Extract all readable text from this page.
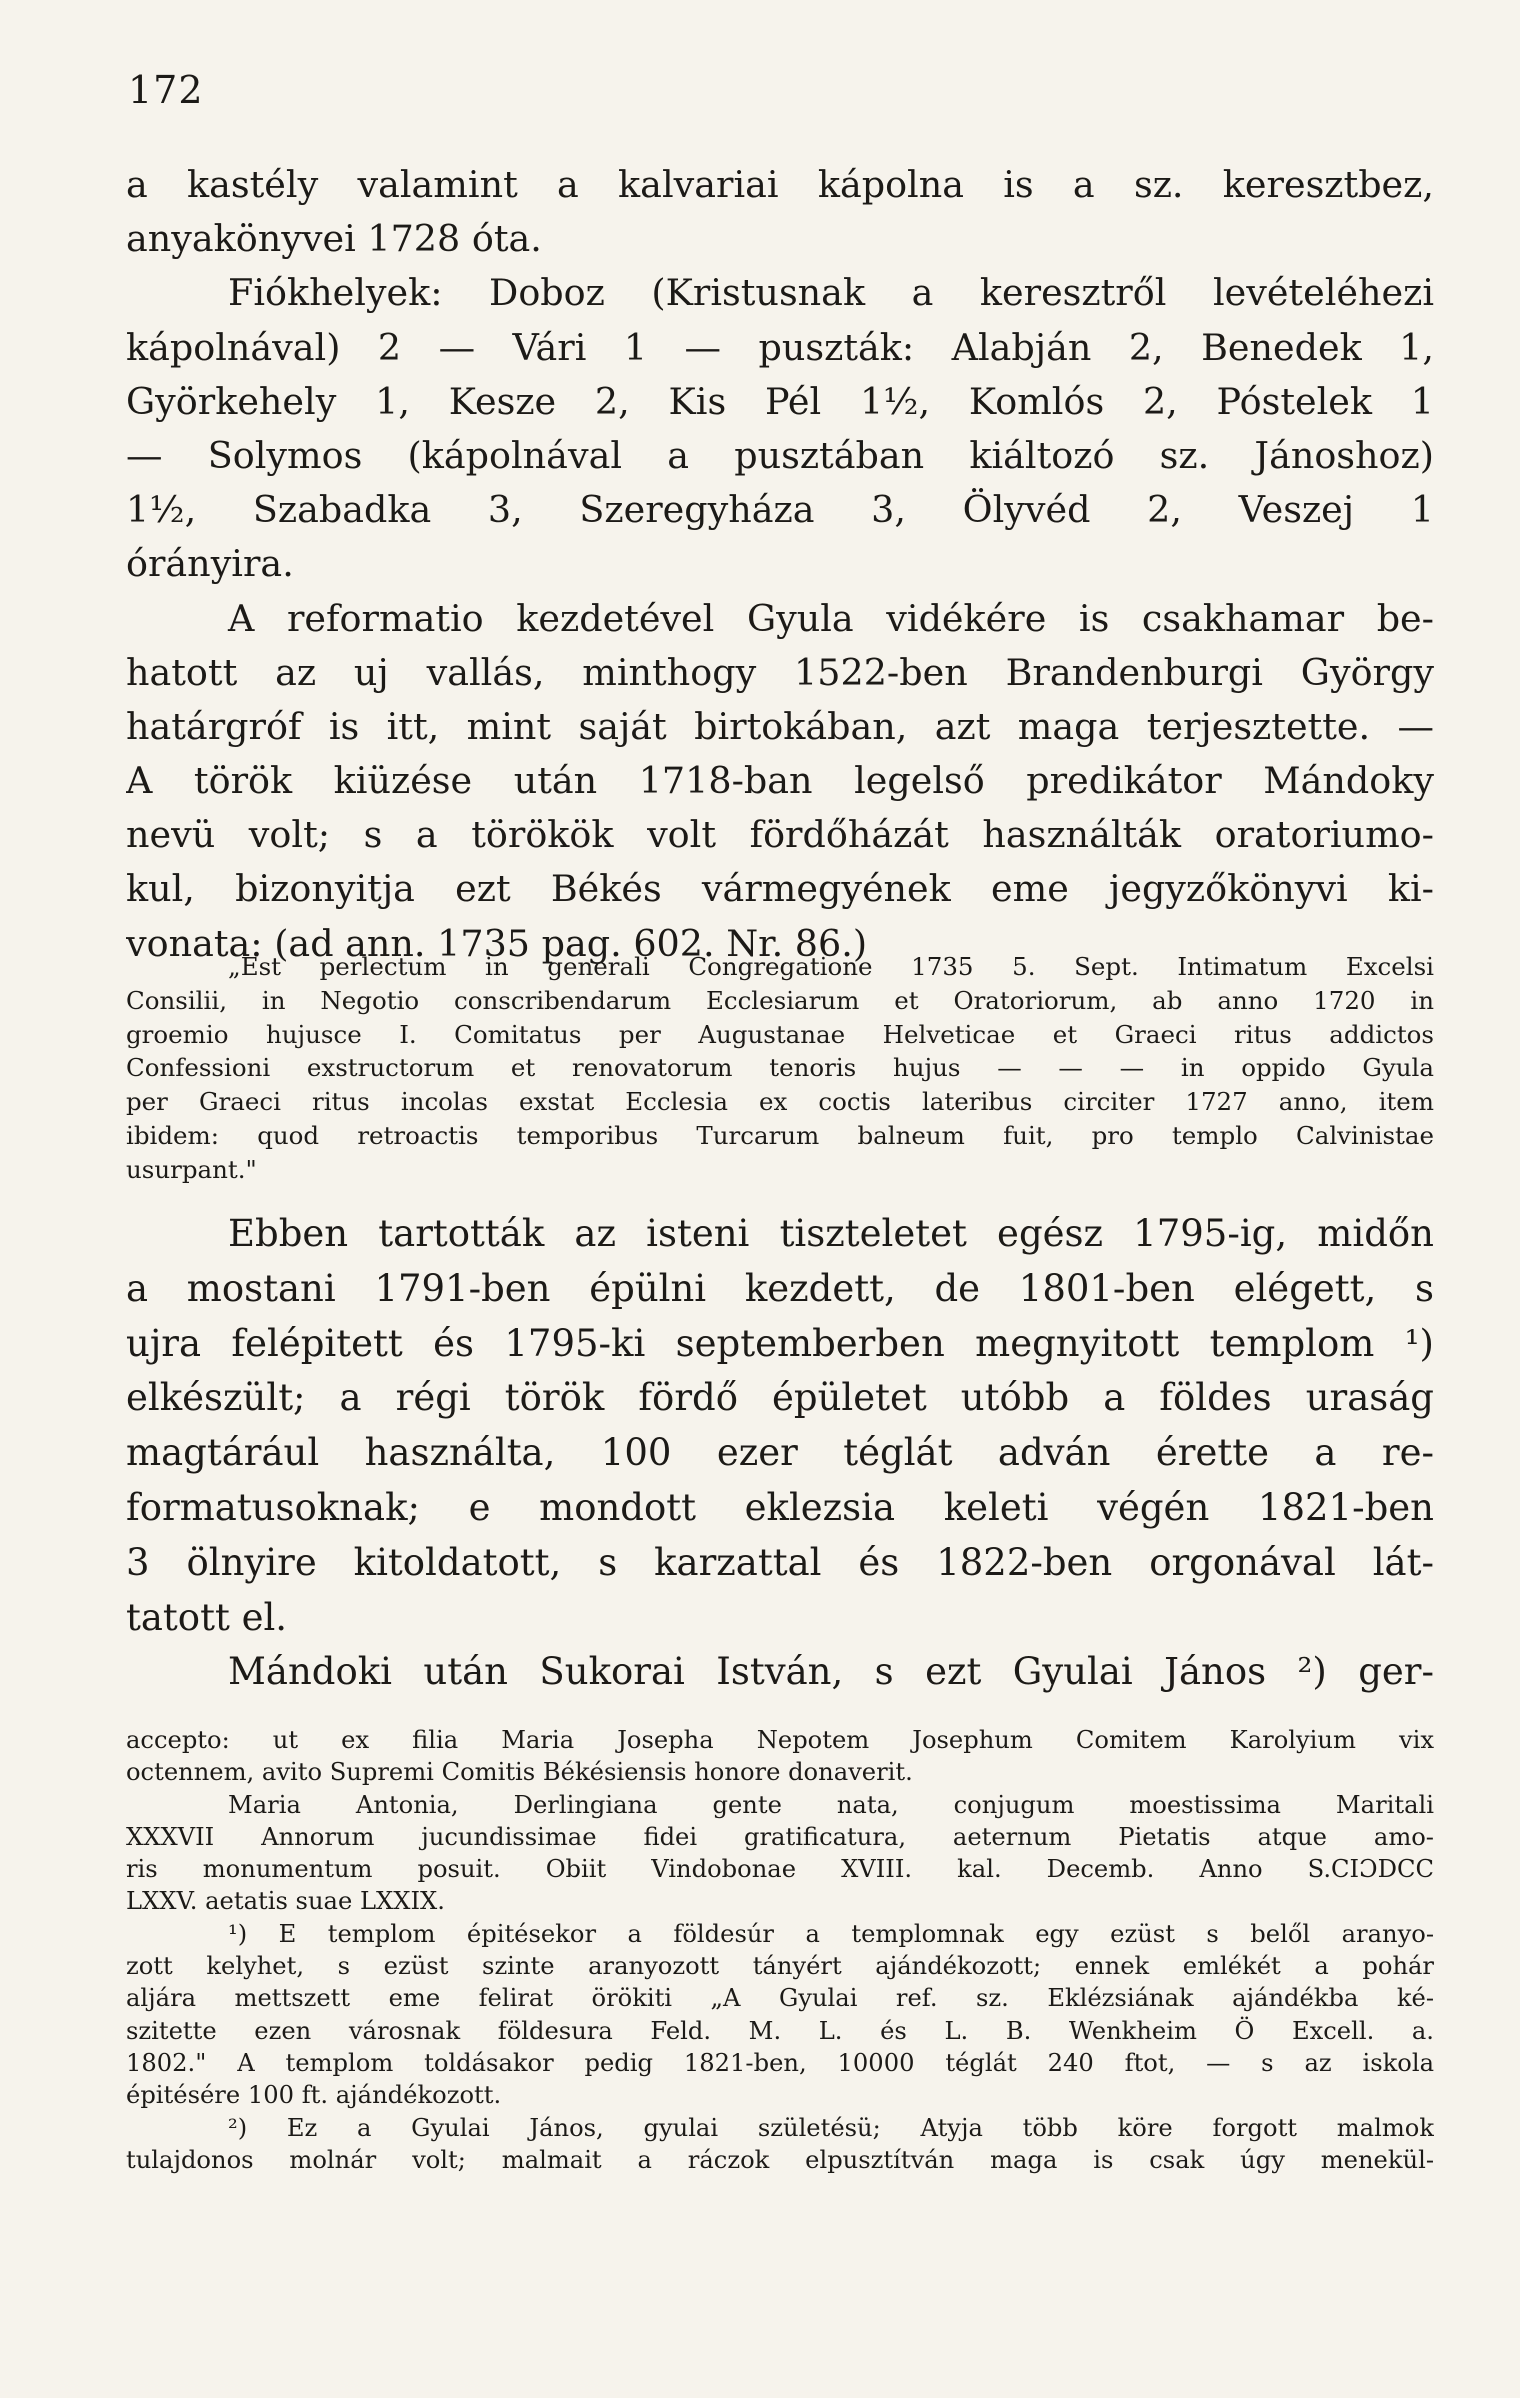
172
a kastély valamint a kalvariai kápolna is a sz. keresztbez,
anyakönyvei 1728 óta.
Fiókhelyek: Doboz (Kristusnak a keresztről levételéhezi
kápolnával) 2 — Vári 1 — puszták: Alabján 2, Benedek 1,
Györkehely 1, Kesze 2, Kis Pél 1½, Komlós 2, Póstelek 1
— Solymos (kápolnával a pusztában kiáltozó sz. Jánoshoz)
1½, Szabadka 3, Szeregyháza 3, Ölyvéd 2, Veszej 1
órányira.
A reformatio kezdetével Gyula vidékére is csakhamar be-
hatott az uj vallás, minthogy 1522-ben Brandenburgi György
határgróf is itt, mint saját birtokában, azt maga terjesztette. —
A török kiüzése után 1718-ban legelső predikátor Mándoky
nevü volt; s a törökök volt fördőházát használták oratoriumo-
kul, bizonyitja ezt Békés vármegyének eme jegyzőkönyvi ki-
vonata: (ad ann. 1735 pag. 602. Nr. 86.)
„Est perlectum in generali Congregatione 1735 5. Sept. Intimatum Excelsi
Consilii, in Negotio conscribendarum Ecclesiarum et Oratoriorum, ab anno 1720 in
groemio hujusce I. Comitatus per Augustanae Helveticae et Graeci ritus addictos
Confessioni exstructorum et renovatorum tenoris hujus — — — in oppido Gyula
per Graeci ritus incolas exstat Ecclesia ex coctis lateribus circiter 1727 anno, item
ibidem: quod retroactis temporibus Turcarum balneum fuit, pro templo Calvinistae
usurpant."
Ebben tartották az isteni tiszteletet egész 1795-ig, midőn
a mostani 1791-ben épülni kezdett, de 1801-ben elégett, s
ujra felépitett és 1795-ki septemberben megnyitott templom ¹)
elkészült; a régi török fördő épületet utóbb a földes uraság
magtárául használta, 100 ezer téglát adván érette a re-
formatusoknak; e mondott eklezsia keleti végén 1821-ben
3 ölnyire kitoldatott, s karzattal és 1822-ben orgonával lát-
tatott el.
Mándoki után Sukorai István, s ezt Gyulai János ²) ger-
accepto: ut ex filia Maria Josepha Nepotem Josephum Comitem Karolyium vix
octennem, avito Supremi Comitis Békésiensis honore donaverit.
Maria Antonia, Derlingiana gente nata, conjugum moestissima Maritali
XXXVII Annorum jucundissimae fidei gratificatura, aeternum Pietatis atque amo-
ris monumentum posuit. Obiit Vindobonae XVIII. kal. Decemb. Anno S.CIƆDCC
LXXV. aetatis suae LXXIX.
¹) E templom épitésekor a földesúr a templomnak egy ezüst s belől aranyo-
zott kelyhet, s ezüst szinte aranyozott tányért ajándékozott; ennek emlékét a pohár
aljára mettszett eme felirat örökiti „A Gyulai ref. sz. Eklézsiának ajándékba ké-
szitette ezen városnak földesura Feld. M. L. és L. B. Wenkheim Ö Excell. a.
1802." A templom toldásakor pedig 1821-ben, 10000 téglát 240 ftot, — s az iskola
épitésére 100 ft. ajándékozott.
²) Ez a Gyulai János, gyulai születésü; Atyja több köre forgott malmok
tulajdonos molnár volt; malmait a ráczok elpusztítván maga is csak úgy menekül-
